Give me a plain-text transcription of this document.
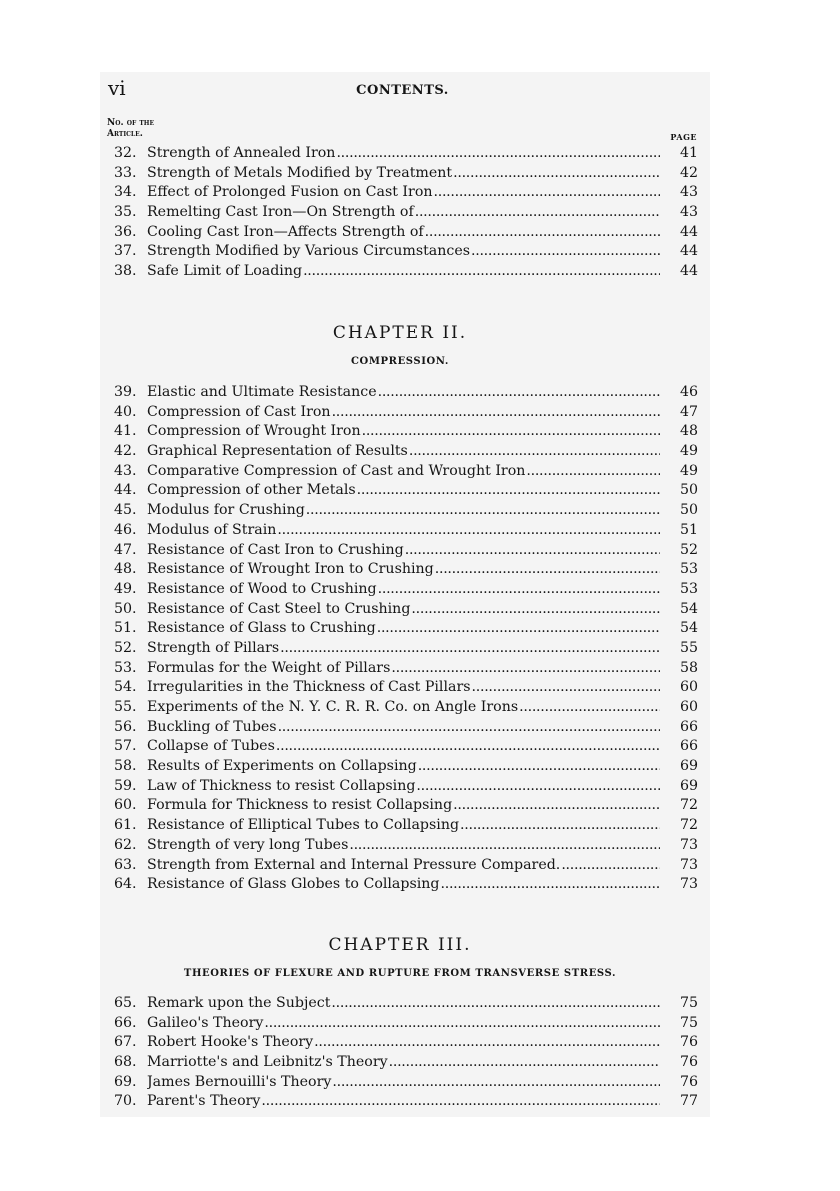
vi	CONTENTS.
No. of the
Article.	PAGE
32. Strength of Annealed Iron . . .	41
33. Strength of Metals Modified by Treatment . . .	42
34. Effect of Prolonged Fusion on Cast Iron . . .	43
35. Remelting Cast Iron—On Strength of . . .	43
36. Cooling Cast Iron—Affects Strength of . . .	44
37. Strength Modified by Various Circumstances . . .	44
38. Safe Limit of Loading . . .	44
CHAPTER II.
COMPRESSION.
39. Elastic and Ultimate Resistance . . .	46
40. Compression of Cast Iron . . .	47
41. Compression of Wrought Iron . . .	48
42. Graphical Representation of Results . . .	49
43. Comparative Compression of Cast and Wrought Iron . . .	49
44. Compression of other Metals . . .	50
45. Modulus for Crushing . . .	50
46. Modulus of Strain . . .	51
47. Resistance of Cast Iron to Crushing . . .	52
48. Resistance of Wrought Iron to Crushing . . .	53
49. Resistance of Wood to Crushing . . .	53
50. Resistance of Cast Steel to Crushing . . .	54
51. Resistance of Glass to Crushing . . .	54
52. Strength of Pillars . . .	55
53. Formulas for the Weight of Pillars . . .	58
54. Irregularities in the Thickness of Cast Pillars . . .	60
55. Experiments of the N. Y. C. R. R. Co. on Angle Irons . . .	60
56. Buckling of Tubes . . .	66
57. Collapse of Tubes . . .	66
58. Results of Experiments on Collapsing . . .	69
59. Law of Thickness to resist Collapsing . . .	69
60. Formula for Thickness to resist Collapsing . . .	72
61. Resistance of Elliptical Tubes to Collapsing . . .	72
62. Strength of very long Tubes . . .	73
63. Strength from External and Internal Pressure Compared. . . .	73
64. Resistance of Glass Globes to Collapsing . . .	73
CHAPTER III.
THEORIES OF FLEXURE AND RUPTURE FROM TRANSVERSE STRESS.
65. Remark upon the Subject . . .	75
66. Galileo's Theory . . .	75
67. Robert Hooke's Theory . . .	76
68. Marriotte's and Leibnitz's Theory . . .	76
69. James Bernouilli's Theory . . .	76
70. Parent's Theory . . .	77
